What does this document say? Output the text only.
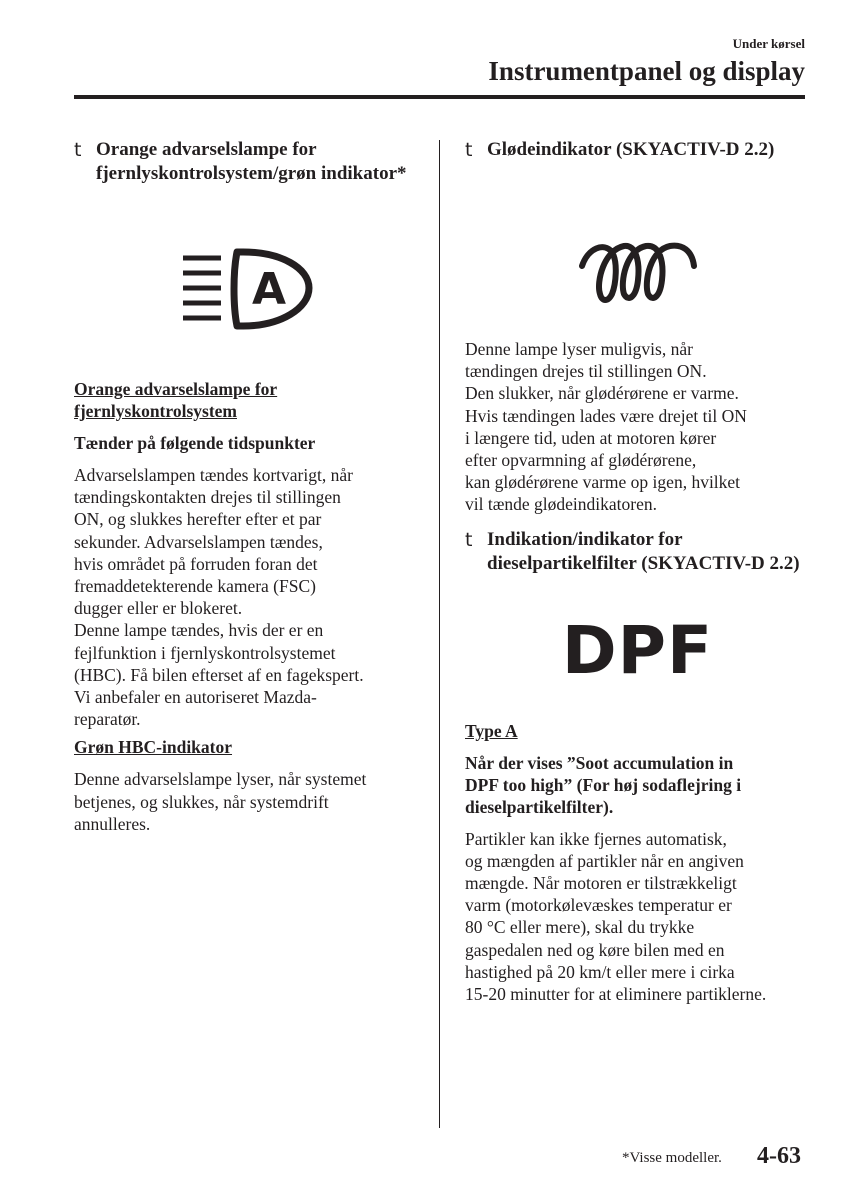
Under kørsel
Instrumentpanel og display
t Orange advarselslampe for fjernlyskontrolsystem/grøn indikator*
A

Orange advarselslampe for
fjernlyskontrolsystem

Tænder på følgende tidspunkter

Advarselslampen tændes kortvarigt, når
tændingskontakten drejes til stillingen
ON, og slukkes herefter efter et par
sekunder. Advarselslampen tændes,
hvis området på forruden foran det
fremaddetekterende kamera (FSC)
dugger eller er blokeret.
Denne lampe tændes, hvis der er en
fejlfunktion i fjernlyskontrolsystemet
(HBC). Få bilen efterset af en fagekspert.
Vi anbefaler en autoriseret Mazda-
reparatør.

Grøn HBC-indikator

Denne advarselslampe lyser, når systemet
betjenes, og slukkes, når systemdrift
annulleres.

t Glødeindikator (SKYACTIV-D 2.2)

Denne lampe lyser muligvis, når
tændingen drejes til stillingen ON.
Den slukker, når glødérørene er varme.
Hvis tændingen lades være drejet til ON
i længere tid, uden at motoren kører
efter opvarmning af glødérørene,
kan glødérørene varme op igen, hvilket
vil tænde glødeindikatoren.

t Indikation/indikator for dieselpartikelfilter (SKYACTIV-D 2.2)
DPF

Type A

Når der vises ”Soot accumulation in
DPF too high” (For høj sodaflejring i
dieselpartikelfilter).

Partikler kan ikke fjernes automatisk,
og mængden af partikler når en angiven
mængde. Når motoren er tilstrækkeligt
varm (motorkølevæskes temperatur er
80 °C eller mere), skal du trykke
gaspedalen ned og køre bilen med en
hastighed på 20 km/t eller mere i cirka
15-20 minutter for at eliminere partiklerne.

*Visse modeller. 4-63
